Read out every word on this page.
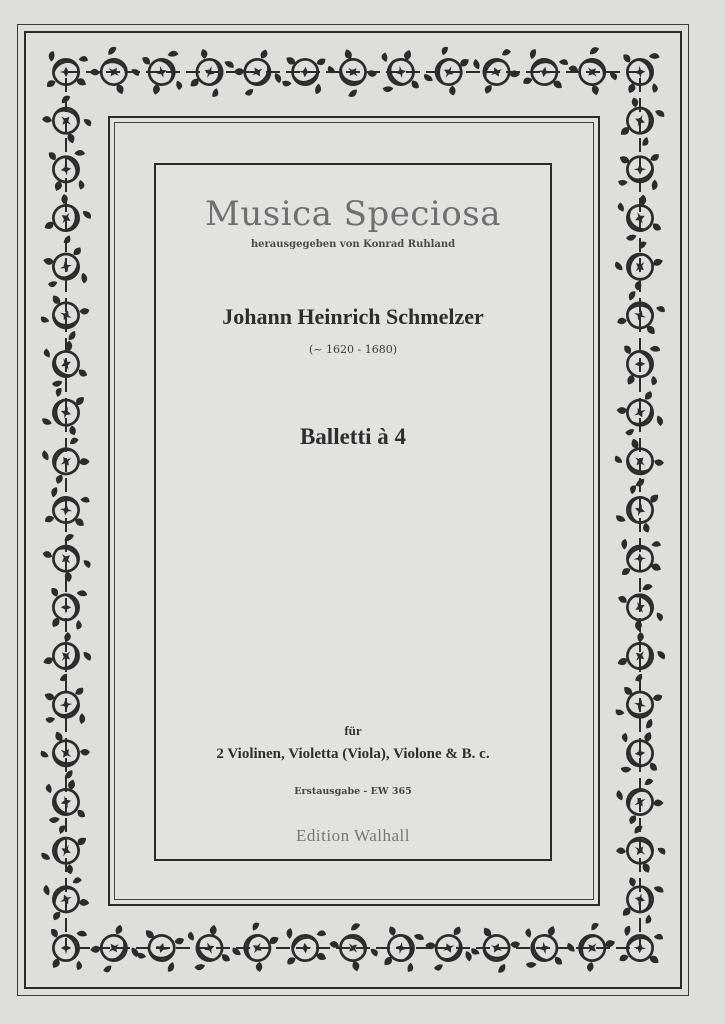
Musica Speciosa
herausgegeben von Konrad Ruhland
Johann Heinrich Schmelzer
(~ 1620 - 1680)
Balletti à 4
für
2 Violinen, Violetta (Viola), Violone & B. c.
Erstausgabe - EW 365
Edition Walhall
